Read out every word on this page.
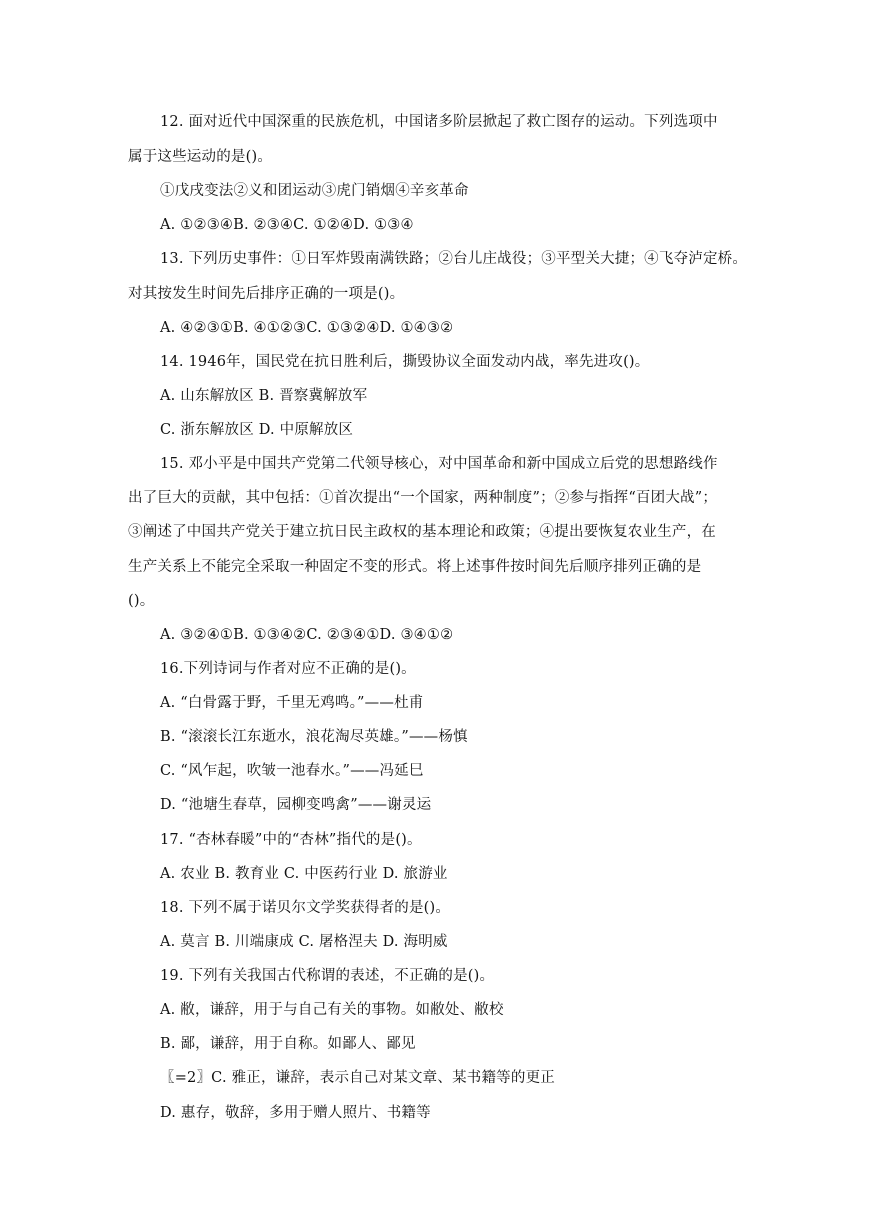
12. 面对近代中国深重的民族危机，中国诸多阶层掀起了救亡图存的运动。下列选项中
属于这些运动的是()。
①戊戌变法②义和团运动③虎门销烟④辛亥革命
A. ①②③④B. ②③④C. ①②④D. ①③④
13. 下列历史事件：①日军炸毁南满铁路；②台儿庄战役；③平型关大捷；④飞夺泸定桥。
对其按发生时间先后排序正确的一项是()。
A. ④②③①B. ④①②③C. ①③②④D. ①④③②
14. 1946年，国民党在抗日胜利后，撕毁协议全面发动内战，率先进攻()。
A. 山东解放区 B. 晋察冀解放军
C. 浙东解放区 D. 中原解放区
15. 邓小平是中国共产党第二代领导核心，对中国革命和新中国成立后党的思想路线作
出了巨大的贡献，其中包括：①首次提出“一个国家，两种制度”；②参与指挥“百团大战”；
③阐述了中国共产党关于建立抗日民主政权的基本理论和政策；④提出要恢复农业生产，在
生产关系上不能完全采取一种固定不变的形式。将上述事件按时间先后顺序排列正确的是
()。
A. ③②④①B. ①③④②C. ②③④①D. ③④①②
16.下列诗词与作者对应不正确的是()。
A. “白骨露于野，千里无鸡鸣。”——杜甫
B. “滚滚长江东逝水，浪花淘尽英雄。”——杨慎
C. “风乍起，吹皱一池春水。”——冯延巳
D. “池塘生春草，园柳变鸣禽”——谢灵运
17. “杏林春暖”中的“杏林”指代的是()。
A. 农业 B. 教育业 C. 中医药行业 D. 旅游业
18. 下列不属于诺贝尔文学奖获得者的是()。
A. 莫言 B. 川端康成 C. 屠格涅夫 D. 海明威
19. 下列有关我国古代称谓的表述，不正确的是()。
A. 敝，谦辞，用于与自己有关的事物。如敝处、敝校
B. 鄙，谦辞，用于自称。如鄙人、鄙见
〖=2〗C. 雅正，谦辞，表示自己对某文章、某书籍等的更正
D. 惠存，敬辞，多用于赠人照片、书籍等
